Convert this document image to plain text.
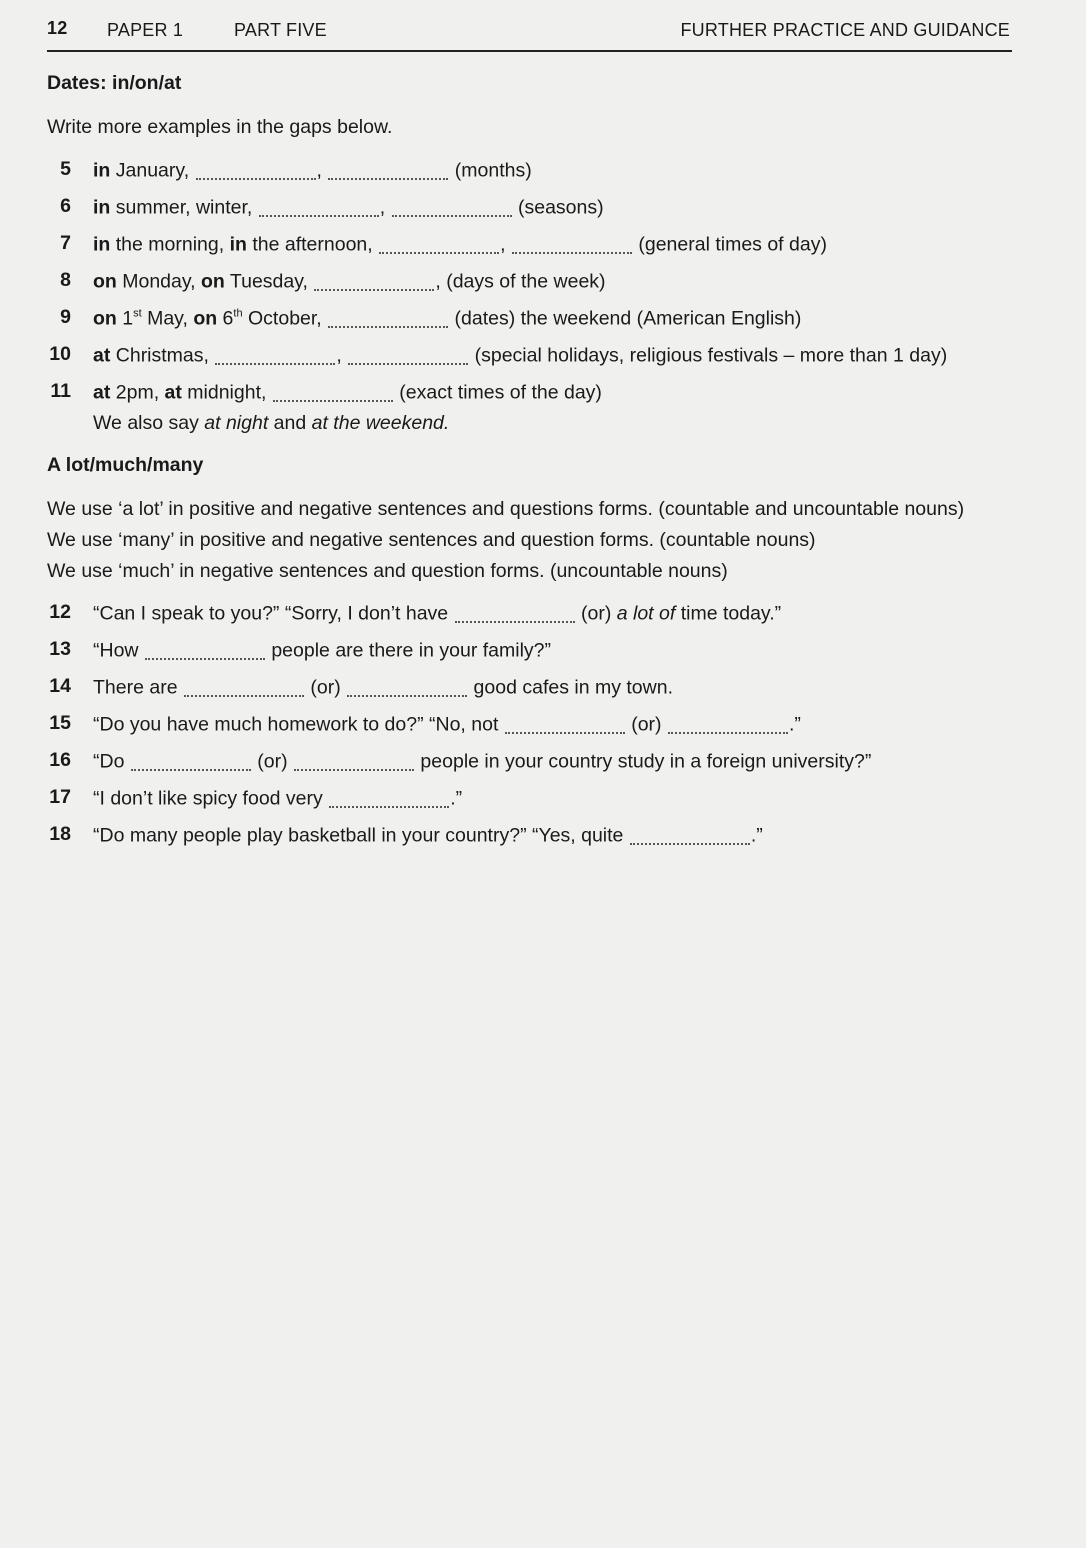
12 PAPER 1	PART FIVE	FURTHER PRACTICE AND GUIDANCE
Dates: in/on/at
Write more examples in the gaps below.
5 in January,	,	(months)
6 in summer, winter,	,	(seasons)
7 in the morning, in the afternoon,	,	(general times of day)
8 on Monday, on Tuesday,	, (days of the week)
9 on 1st May, on 6th October,	(dates) the weekend (American English)
10 at Christmas,	,	(special holidays, religious festivals – more than 1 day)
11 at 2pm, at midnight,	(exact times of the day)
We also say at night and at the weekend.
A lot/much/many
We use ‘a lot’ in positive and negative sentences and questions forms. (countable and uncountable nouns)
We use ‘many’ in positive and negative sentences and question forms. (countable nouns)
We use ‘much’ in negative sentences and question forms. (uncountable nouns)
12 “Can I speak to you?” “Sorry, I don’t have	(or) a lot of time today.”
13 “How	people are there in your family?”
14 There are	(or)	good cafes in my town.
15 “Do you have much homework to do?” “No, not	(or)	.”
16 “Do	(or)	people in your country study in a foreign university?”
17 “I don’t like spicy food very	.”
18 “Do many people play basketball in your country?” “Yes, quite	.”
